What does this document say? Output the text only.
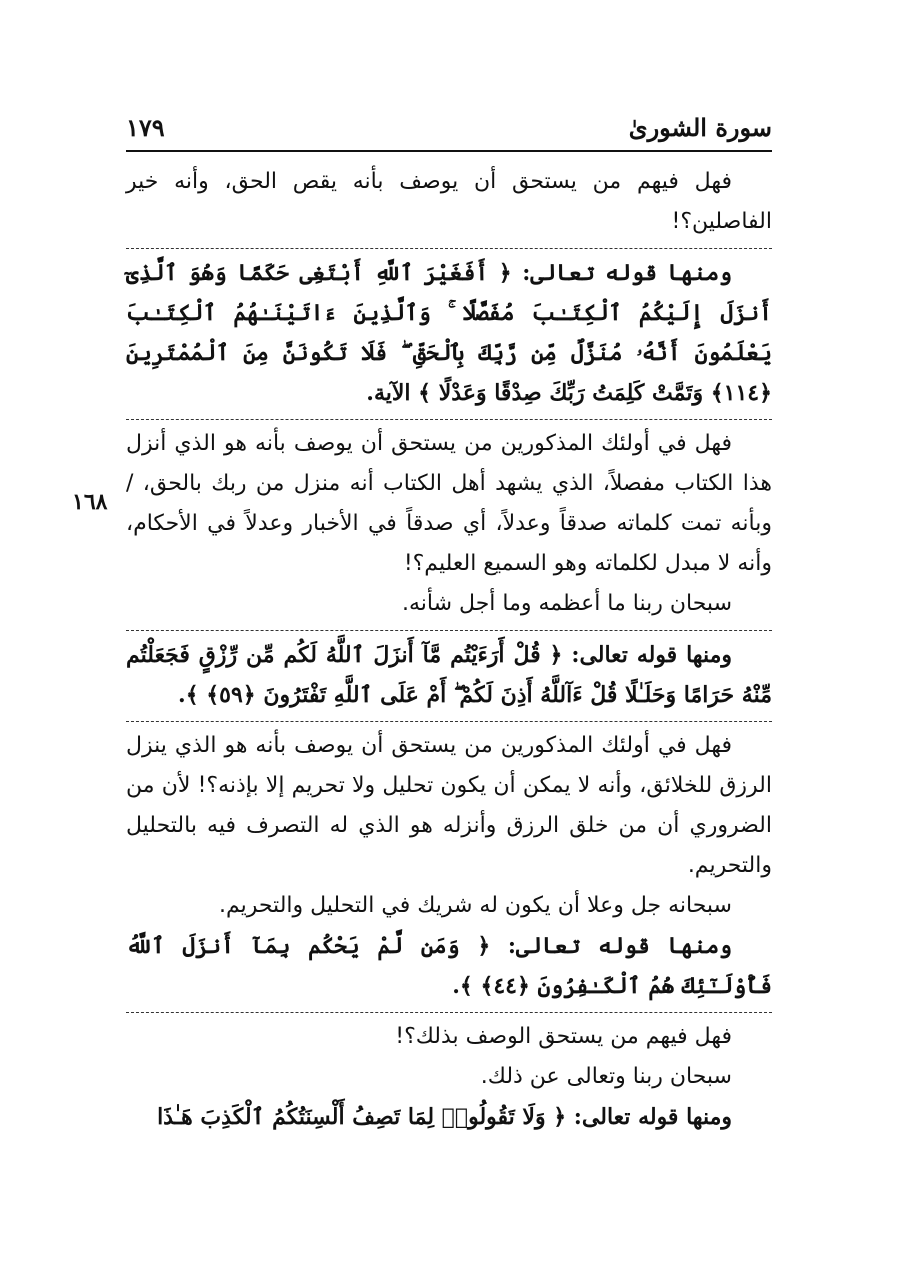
سورة الشورىٰ
١٧٩

فهل فيهم من يستحق أن يوصف بأنه يقص الحق، وأنه خير الفاصلين؟!

ومنها قوله تعالى: ﴿ أَفَغَيْرَ ٱللَّهِ أَبْتَغِى حَكَمًا وَهُوَ ٱلَّذِىٓ أَنزَلَ إِلَيْكُمُ ٱلْكِتَـٰبَ مُفَصَّلًا ۚ وَٱلَّذِينَ ءَاتَيْنَـٰهُمُ ٱلْكِتَـٰبَ يَعْلَمُونَ أَنَّهُۥ مُنَزَّلٌ مِّن رَّبِّكَ بِٱلْحَقِّ ۖ فَلَا تَكُونَنَّ مِنَ ٱلْمُمْتَرِينَ ﴿١١٤﴾ وَتَمَّتْ كَلِمَتُ رَبِّكَ صِدْقًا وَعَدْلًا ﴾ الآية.

فهل في أولئك المذكورين من يستحق أن يوصف بأنه هو الذي أنزل هذا الكتاب مفصلاً، الذي يشهد أهل الكتاب أنه منزل من ربك بالحق، /وبأنه تمت كلماته صدقاً وعدلاً، أي صدقاً في الأخبار وعدلاً في الأحكام، وأنه لا مبدل لكلماته وهو السميع العليم؟!

سبحان ربنا ما أعظمه وما أجل شأنه.

ومنها قوله تعالى: ﴿ قُلْ أَرَءَيْتُم مَّآ أَنزَلَ ٱللَّهُ لَكُم مِّن رِّزْقٍ فَجَعَلْتُم مِّنْهُ حَرَامًا وَحَلَـٰلًا قُلْ ءَآللَّهُ أَذِنَ لَكُمْ ۖ أَمْ عَلَى ٱللَّهِ تَفْتَرُونَ ﴿٥٩﴾ ﴾.

فهل في أولئك المذكورين من يستحق أن يوصف بأنه هو الذي ينزل الرزق للخلائق، وأنه لا يمكن أن يكون تحليل ولا تحريم إلا بإذنه؟! لأن من الضروري أن من خلق الرزق وأنزله هو الذي له التصرف فيه بالتحليل والتحريم.

سبحانه جل وعلا أن يكون له شريك في التحليل والتحريم.

ومنها قوله تعالى: ﴿ وَمَن لَّمْ يَحْكُم بِمَآ أَنزَلَ ٱللَّهُ فَأُوْلَـٰٓئِكَ هُمُ ٱلْكَـٰفِرُونَ ﴿٤٤﴾ ﴾.

فهل فيهم من يستحق الوصف بذلك؟!

سبحان ربنا وتعالى عن ذلك.

ومنها قوله تعالى: ﴿ وَلَا تَقُولُوا۟ لِمَا تَصِفُ أَلْسِنَتُكُمُ ٱلْكَذِبَ هَـٰذَا

١٦٨
